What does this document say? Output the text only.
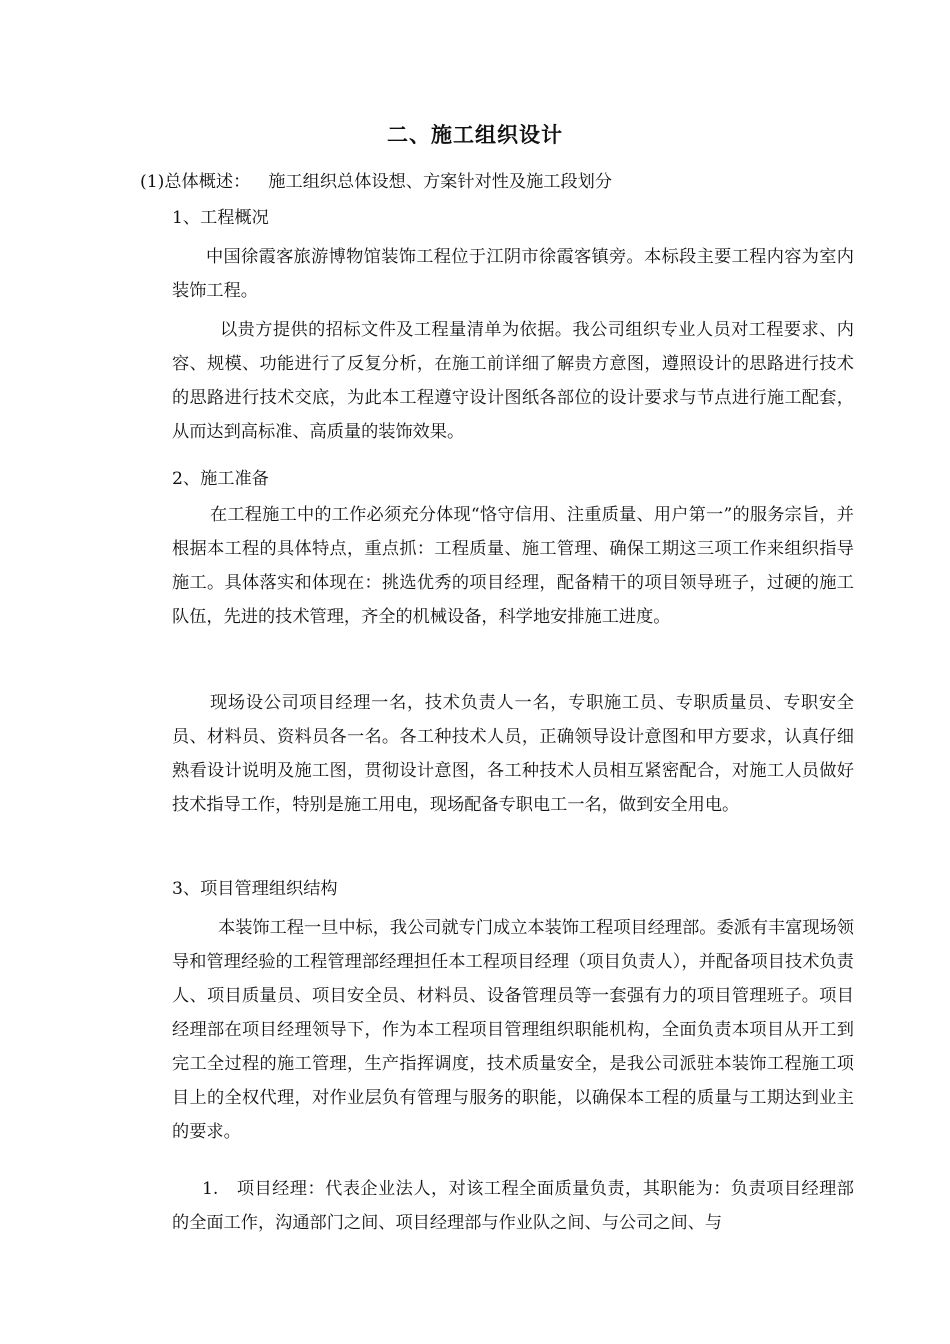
二、施工组织设计
(1)总体概述： 施工组织总体设想、方案针对性及施工段划分
1、工程概况
中国徐霞客旅游博物馆装饰工程位于江阴市徐霞客镇旁。本标段主要工程内容为室内装饰工程。
以贵方提供的招标文件及工程量清单为依据。我公司组织专业人员对工程要求、内容、规模、功能进行了反复分析，在施工前详细了解贵方意图，遵照设计的思路进行技术的思路进行技术交底，为此本工程遵守设计图纸各部位的设计要求与节点进行施工配套，从而达到高标准、高质量的装饰效果。
2、施工准备
在工程施工中的工作必须充分体现“恪守信用、注重质量、用户第一”的服务宗旨，并根据本工程的具体特点，重点抓：工程质量、施工管理、确保工期这三项工作来组织指导施工。具体落实和体现在：挑选优秀的项目经理，配备精干的项目领导班子，过硬的施工队伍，先进的技术管理，齐全的机械设备，科学地安排施工进度。
现场设公司项目经理一名，技术负责人一名，专职施工员、专职质量员、专职安全员、材料员、资料员各一名。各工种技术人员，正确领导设计意图和甲方要求，认真仔细熟看设计说明及施工图，贯彻设计意图，各工种技术人员相互紧密配合，对施工人员做好技术指导工作，特别是施工用电，现场配备专职电工一名，做到安全用电。
3、项目管理组织结构
本装饰工程一旦中标，我公司就专门成立本装饰工程项目经理部。委派有丰富现场领导和管理经验的工程管理部经理担任本工程项目经理（项目负责人），并配备项目技术负责人、项目质量员、项目安全员、材料员、设备管理员等一套强有力的项目管理班子。项目经理部在项目经理领导下，作为本工程项目管理组织职能机构，全面负责本项目从开工到完工全过程的施工管理，生产指挥调度，技术质量安全，是我公司派驻本装饰工程施工项目上的全权代理，对作业层负有管理与服务的职能，以确保本工程的质量与工期达到业主的要求。
1. 项目经理：代表企业法人，对该工程全面质量负责，其职能为：负责项目经理部的全面工作，沟通部门之间、项目经理部与作业队之间、与公司之间、与
